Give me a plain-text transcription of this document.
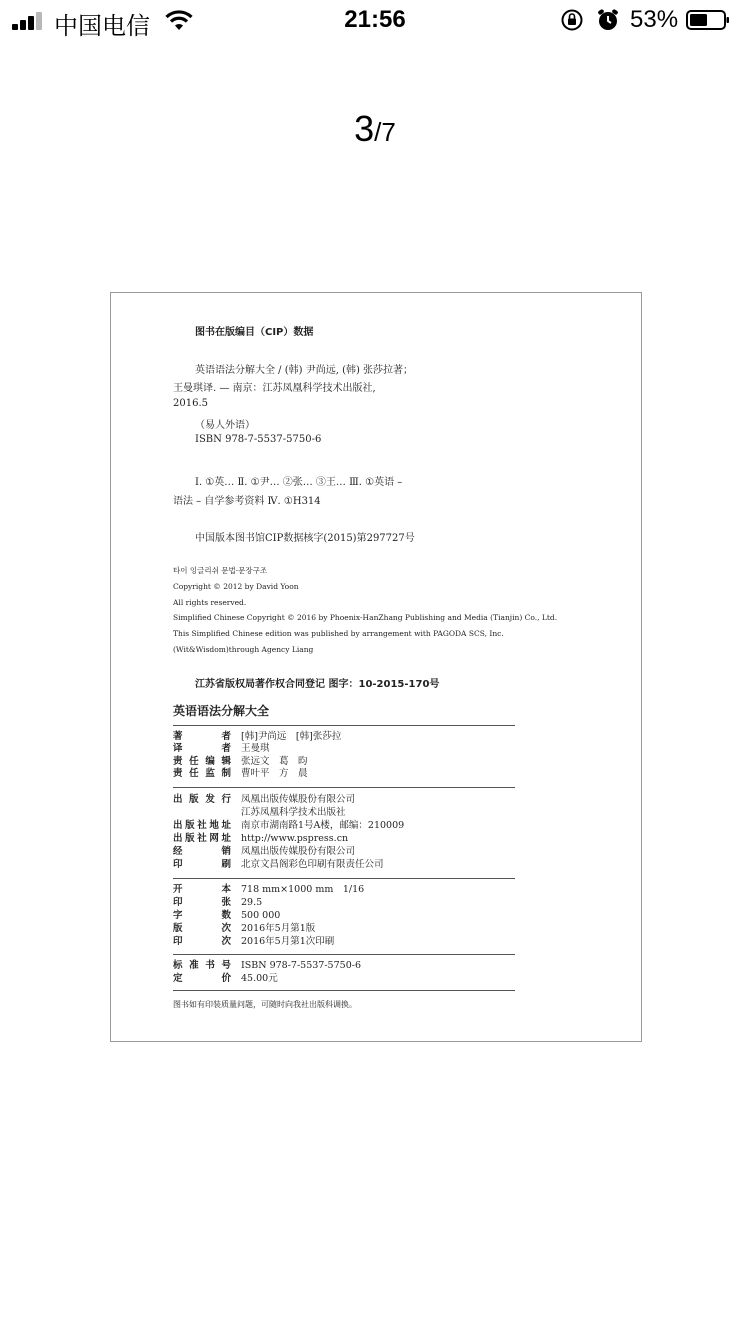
中国电信	21:56	53%
3/7
图书在版编目（CIP）数据
英语语法分解大全 / (韩) 尹尚远, (韩) 张莎拉著；
王曼琪译. — 南京：江苏凤凰科学技术出版社,
2016.5
（易人外语）
ISBN 978-7-5537-5750-6
Ⅰ. ①英… Ⅱ. ①尹… ②张… ③王… Ⅲ. ①英语 –
语法 – 自学参考资料 Ⅳ. ①H314
中国版本图书馆CIP数据核字(2015)第297727号
타이 잉글리쉬 문법·문장구조
Copyright © 2012 by David Yoon
All rights reserved.
Simplified Chinese Copyright © 2016 by Phoenix-HanZhang Publishing and Media (Tianjin) Co., Ltd.
This Simplified Chinese edition was published by arrangement with PAGODA SCS, Inc.
(Wit&Wisdom)through Agency Liang
江苏省版权局著作权合同登记 图字：10-2015-170号
英语语法分解大全
著者 [韩]尹尚远　[韩]张莎拉
译者 王曼琪
责任编辑 张远文　葛　昀
责任监制 曹叶平　方　晨
出版发行 凤凰出版传媒股份有限公司
江苏凤凰科学技术出版社
出版社地址 南京市湖南路1号A楼，邮编：210009
出版社网址 http://www.pspress.cn
经销 凤凰出版传媒股份有限公司
印刷 北京文昌阁彩色印刷有限责任公司
开本 718 mm×1000 mm　1/16
印张 29.5
字数 500 000
版次 2016年5月第1版
印次 2016年5月第1次印刷
标准书号 ISBN 978-7-5537-5750-6
定价 45.00元
图书如有印装质量问题，可随时向我社出版科调换。
